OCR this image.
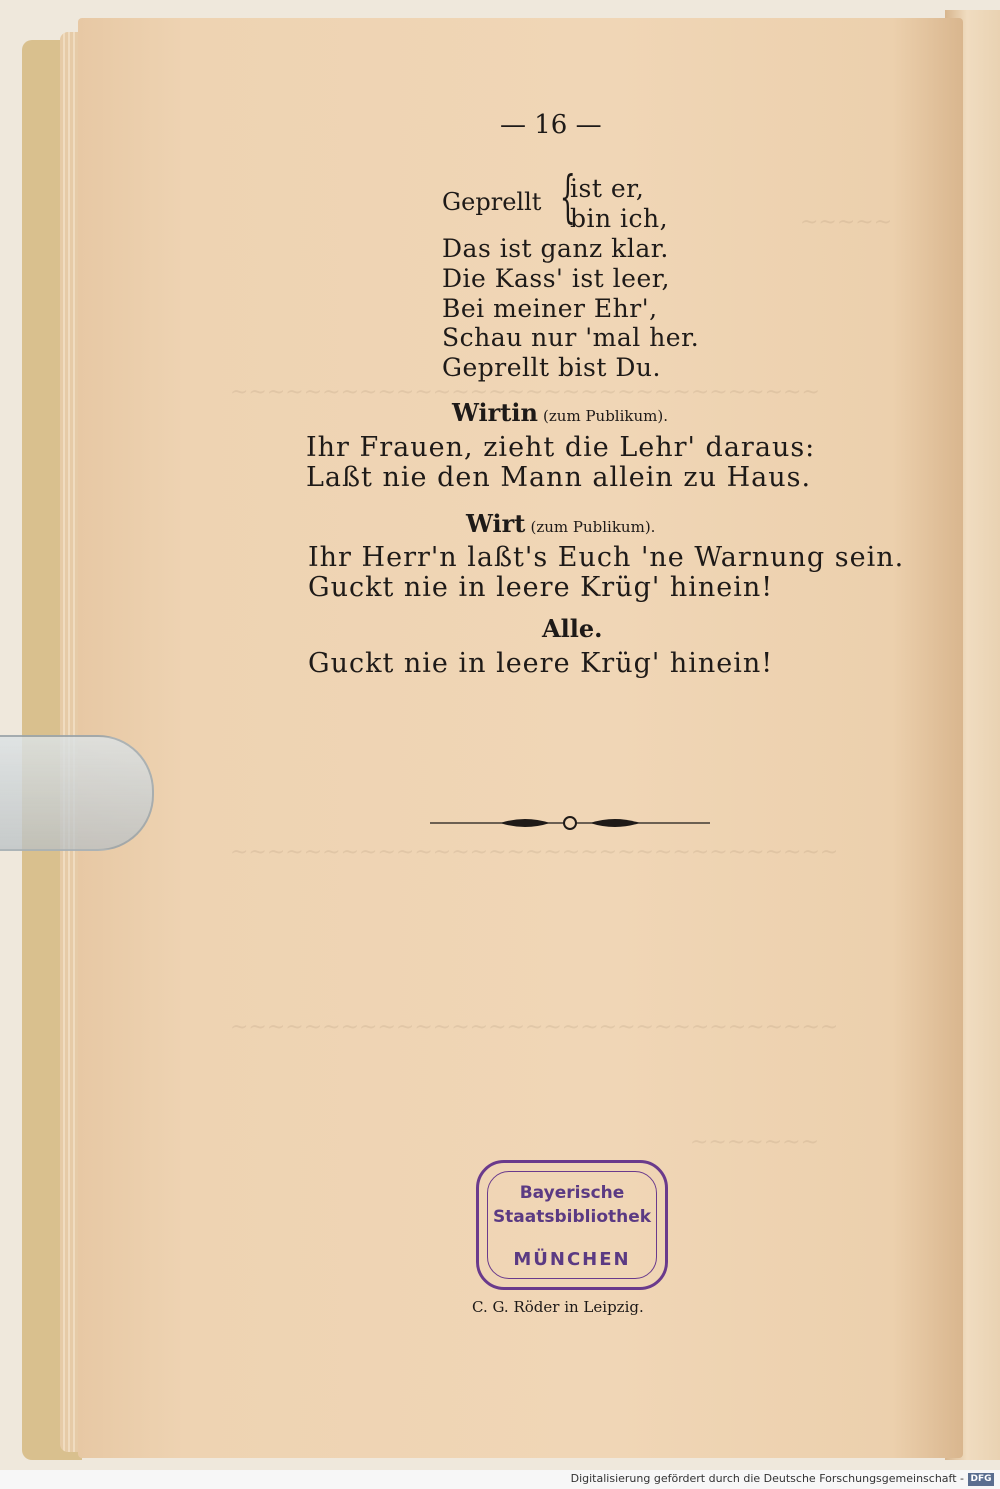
~~~~~
~~~~~~~~~~~~~~~~~~~~~~~~~~~~~~~~
~~~~~~~~~~~~~~~~~~~~~~~~~~~~~~~~~
~~~~~~~~~~~~~~~~~~~~~~~~~~~~~~~~~
~~~~~~~
— 16 —
Geprellt {
ist er,
bin ich,
Das ist ganz klar.
Die Kass' ist leer,
Bei meiner Ehr',
Schau nur 'mal her.
Geprellt bist Du.
Wirtin (zum Publikum).
Ihr Frauen, zieht die Lehr' daraus:
Laßt nie den Mann allein zu Haus.
Wirt (zum Publikum).
Ihr Herr'n laßt's Euch 'ne Warnung sein.
Guckt nie in leere Krüg' hinein!
Alle.
Guckt nie in leere Krüg' hinein!
Bayerische
Staatsbibliothek
MÜNCHEN
C. G. Röder in Leipzig.
Digitalisierung gefördert durch die Deutsche Forschungsgemeinschaft - DFG
